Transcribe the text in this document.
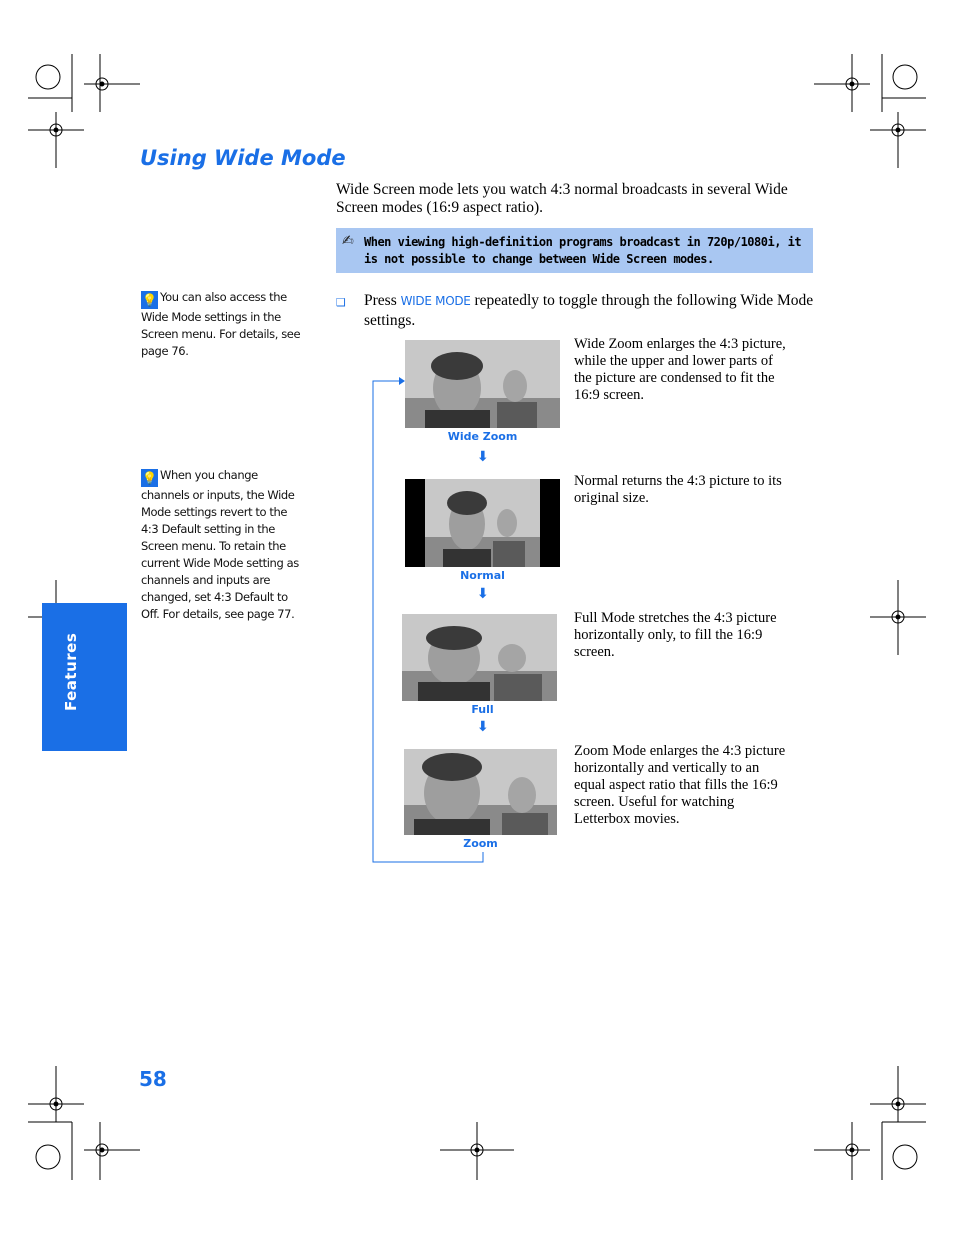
Using Wide Mode
Wide Screen mode lets you watch 4:3 normal broadcasts in several Wide Screen modes (16:9 aspect ratio).
✍ When viewing high-definition programs broadcast in 720p/1080i, it is not possible to change between Wide Screen modes.
❑ Press WIDE MODE repeatedly to toggle through the following Wide Mode settings.
💡 You can also access the Wide Mode settings in the Screen menu. For details, see page 76.
💡 When you change channels or inputs, the Wide Mode settings revert to the 4:3 Default setting in the Screen menu. To retain the current Wide Mode setting as channels and inputs are changed, set 4:3 Default to Off. For details, see page 77.
Wide Zoom
Wide Zoom enlarges the 4:3 picture, while the upper and lower parts of the picture are condensed to fit the 16:9 screen.
⬇
Normal
Normal returns the 4:3 picture to its original size.
⬇
Full
Full Mode stretches the 4:3 picture horizontally only, to fill the 16:9 screen.
⬇
Zoom
Zoom Mode enlarges the 4:3 picture horizontally and vertically to an equal aspect ratio that fills the 16:9 screen. Useful for watching Letterbox movies.
Features
58
